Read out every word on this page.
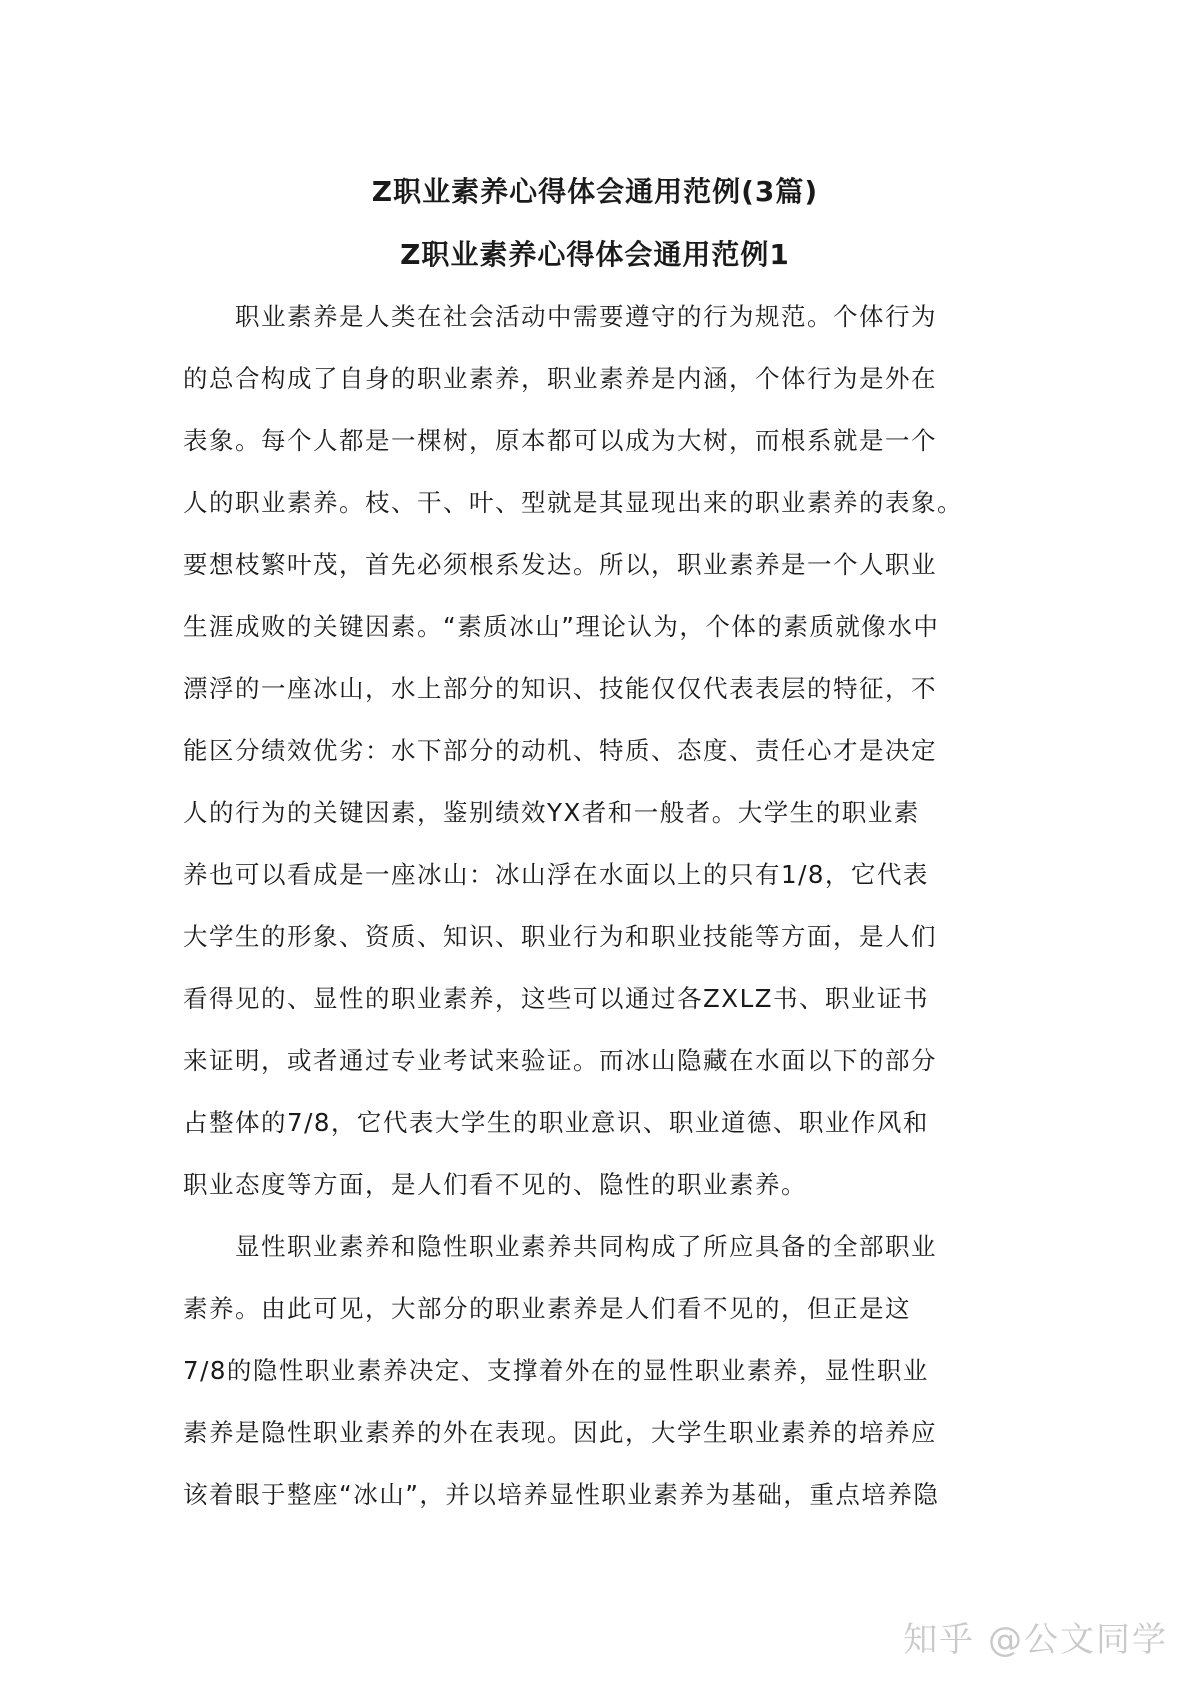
Z职业素养心得体会通用范例(3篇)
Z职业素养心得体会通用范例1
　　职业素养是人类在社会活动中需要遵守的行为规范。个体行为
的总合构成了自身的职业素养，职业素养是内涵，个体行为是外在
表象。每个人都是一棵树，原本都可以成为大树，而根系就是一个
人的职业素养。枝、干、叶、型就是其显现出来的职业素养的表象。
要想枝繁叶茂，首先必须根系发达。所以，职业素养是一个人职业
生涯成败的关键因素。“素质冰山”理论认为，个体的素质就像水中
漂浮的一座冰山，水上部分的知识、技能仅仅代表表层的特征，不
能区分绩效优劣：水下部分的动机、特质、态度、责任心才是决定
人的行为的关键因素，鉴别绩效YX者和一般者。大学生的职业素
养也可以看成是一座冰山：冰山浮在水面以上的只有1/8，它代表
大学生的形象、资质、知识、职业行为和职业技能等方面，是人们
看得见的、显性的职业素养，这些可以通过各ZXLZ书、职业证书
来证明，或者通过专业考试来验证。而冰山隐藏在水面以下的部分
占整体的7/8，它代表大学生的职业意识、职业道德、职业作风和
职业态度等方面，是人们看不见的、隐性的职业素养。
　　显性职业素养和隐性职业素养共同构成了所应具备的全部职业
素养。由此可见，大部分的职业素养是人们看不见的，但正是这
7/8的隐性职业素养决定、支撑着外在的显性职业素养，显性职业
素养是隐性职业素养的外在表现。因此，大学生职业素养的培养应
该着眼于整座“冰山”，并以培养显性职业素养为基础，重点培养隐
知乎 @公文同学
